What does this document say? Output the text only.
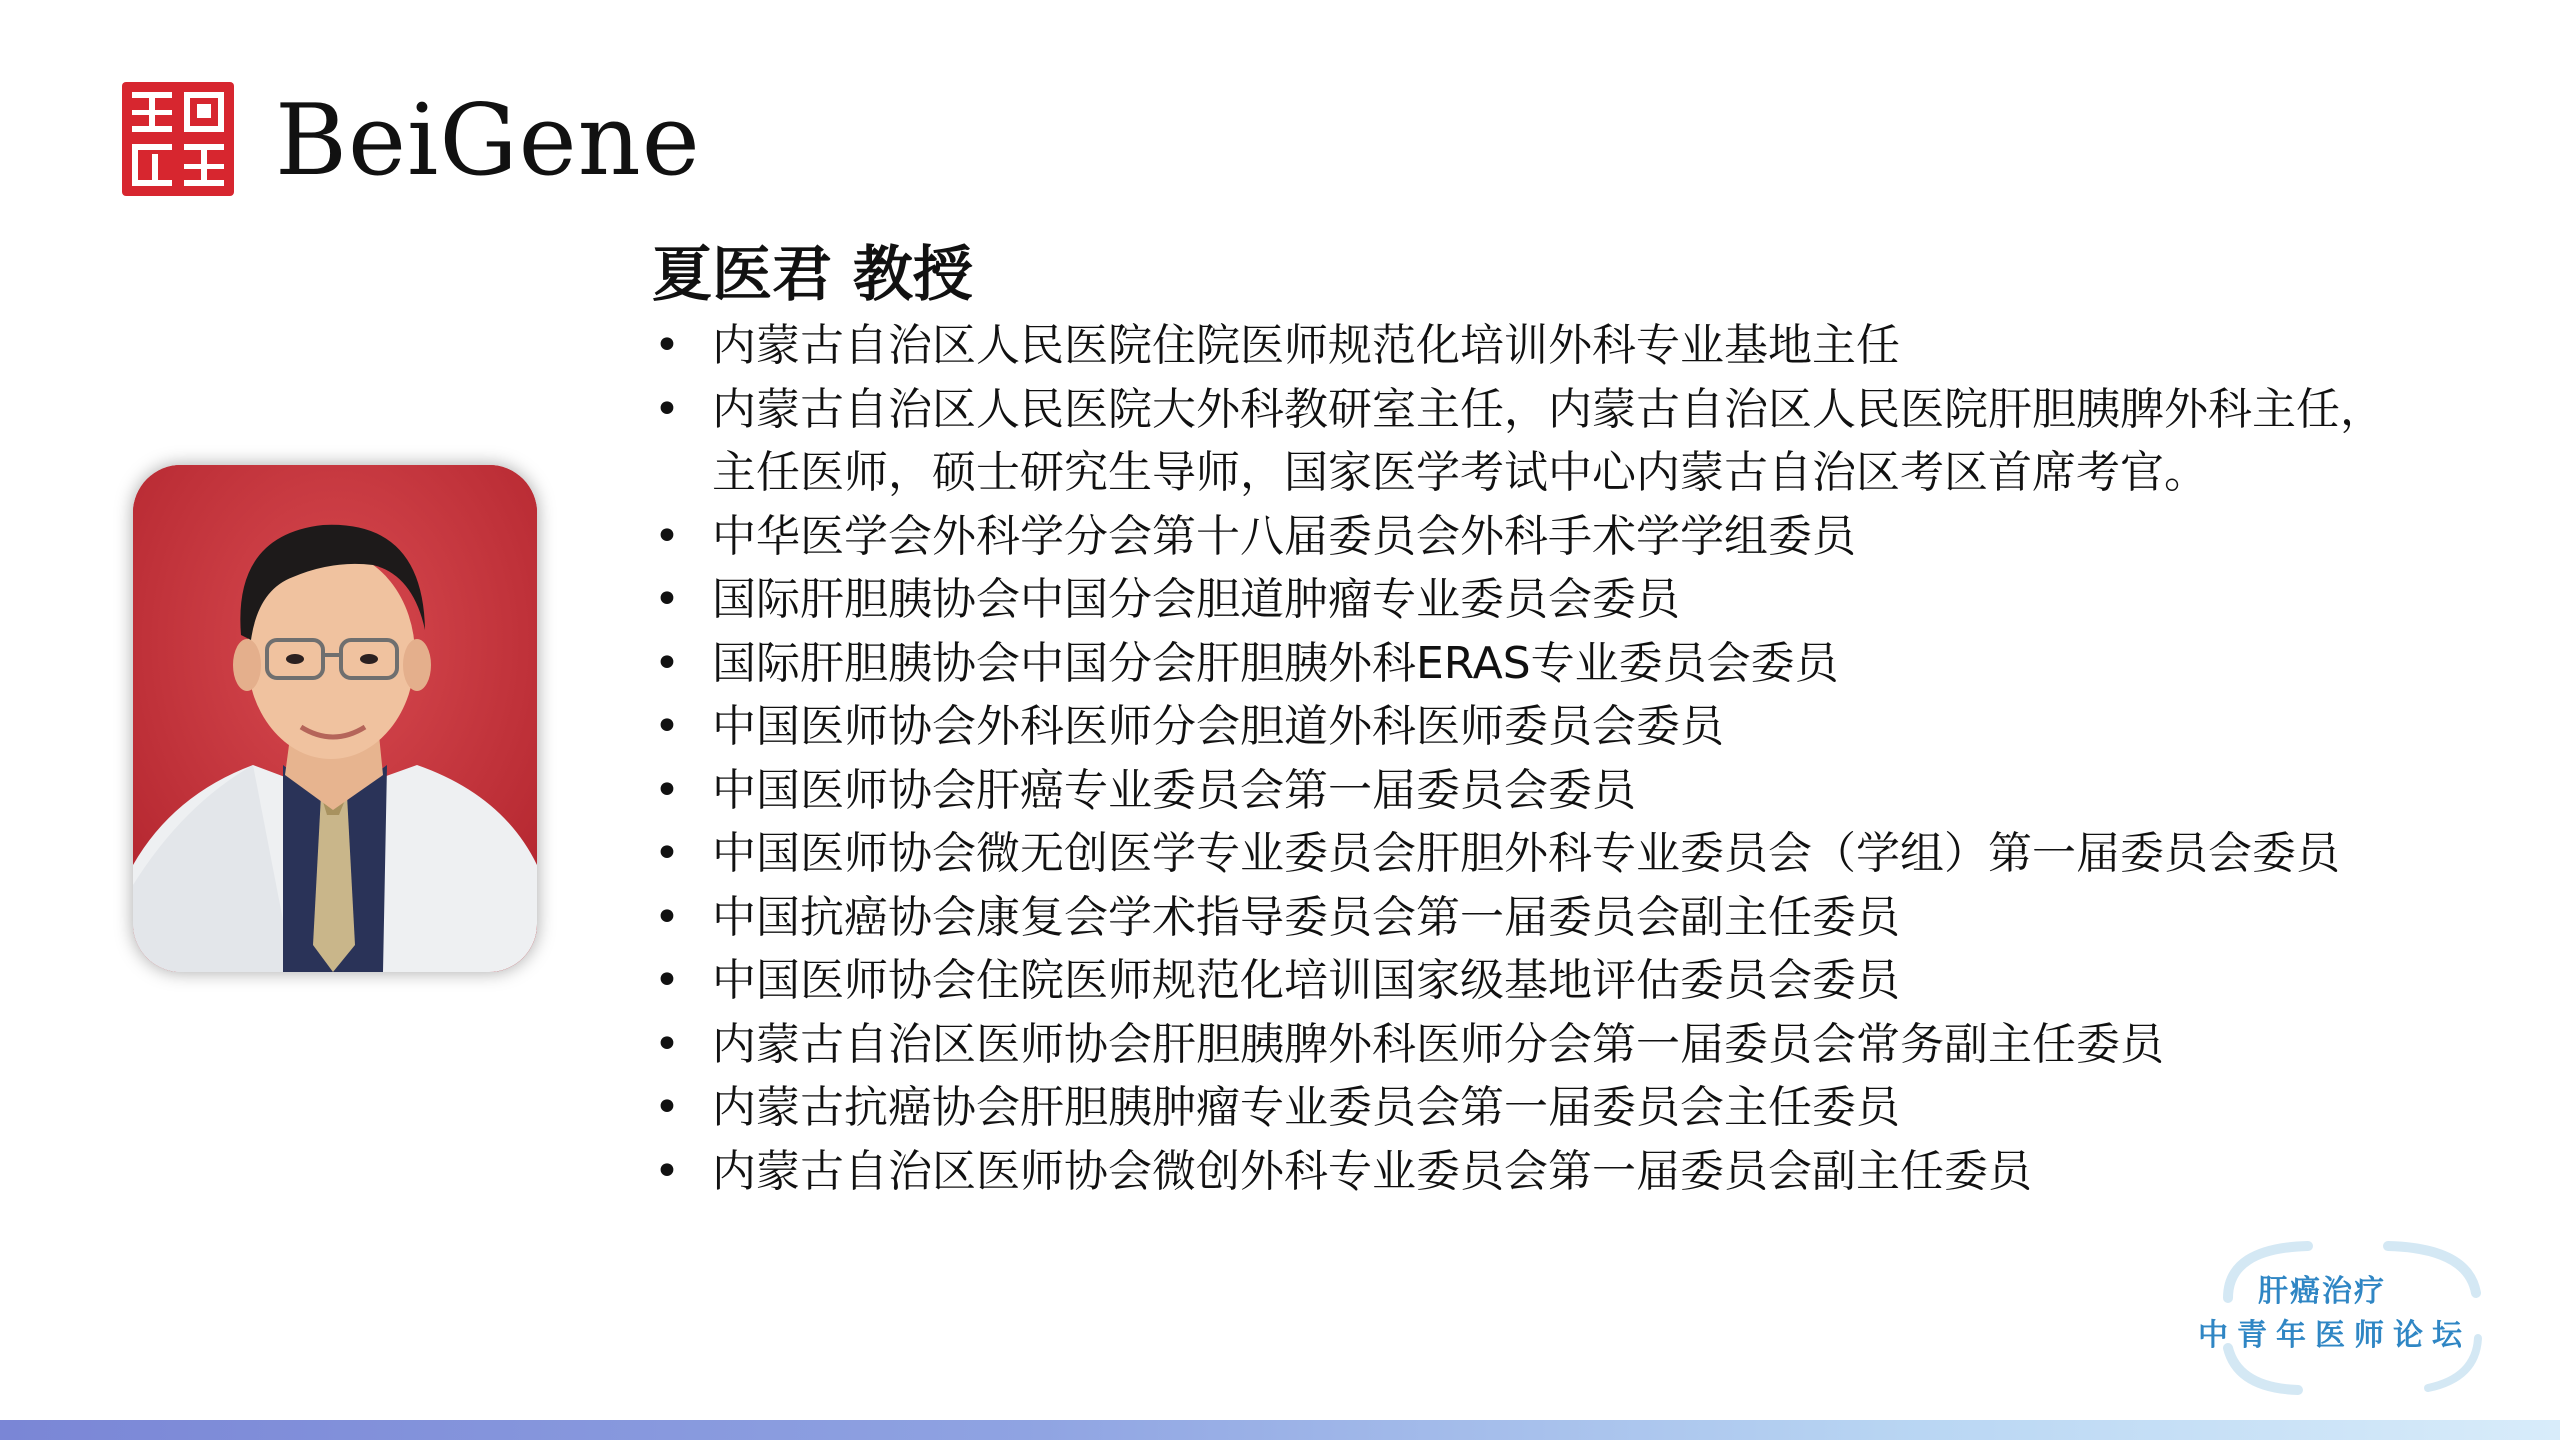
BeiGene
夏医君 教授
• 内蒙古自治区人民医院住院医师规范化培训外科专业基地主任
• 内蒙古自治区人民医院大外科教研室主任，内蒙古自治区人民医院肝胆胰脾外科主任，
主任医师，硕士研究生导师，国家医学考试中心内蒙古自治区考区首席考官。
• 中华医学会外科学分会第十八届委员会外科手术学学组委员
• 国际肝胆胰协会中国分会胆道肿瘤专业委员会委员
• 国际肝胆胰协会中国分会肝胆胰外科ERAS专业委员会委员
• 中国医师协会外科医师分会胆道外科医师委员会委员
• 中国医师协会肝癌专业委员会第一届委员会委员
• 中国医师协会微无创医学专业委员会肝胆外科专业委员会（学组）第一届委员会委员
• 中国抗癌协会康复会学术指导委员会第一届委员会副主任委员
• 中国医师协会住院医师规范化培训国家级基地评估委员会委员
• 内蒙古自治区医师协会肝胆胰脾外科医师分会第一届委员会常务副主任委员
• 内蒙古抗癌协会肝胆胰肿瘤专业委员会第一届委员会主任委员
• 内蒙古自治区医师协会微创外科专业委员会第一届委员会副主任委员
肝癌治疗
中青年医师论坛
